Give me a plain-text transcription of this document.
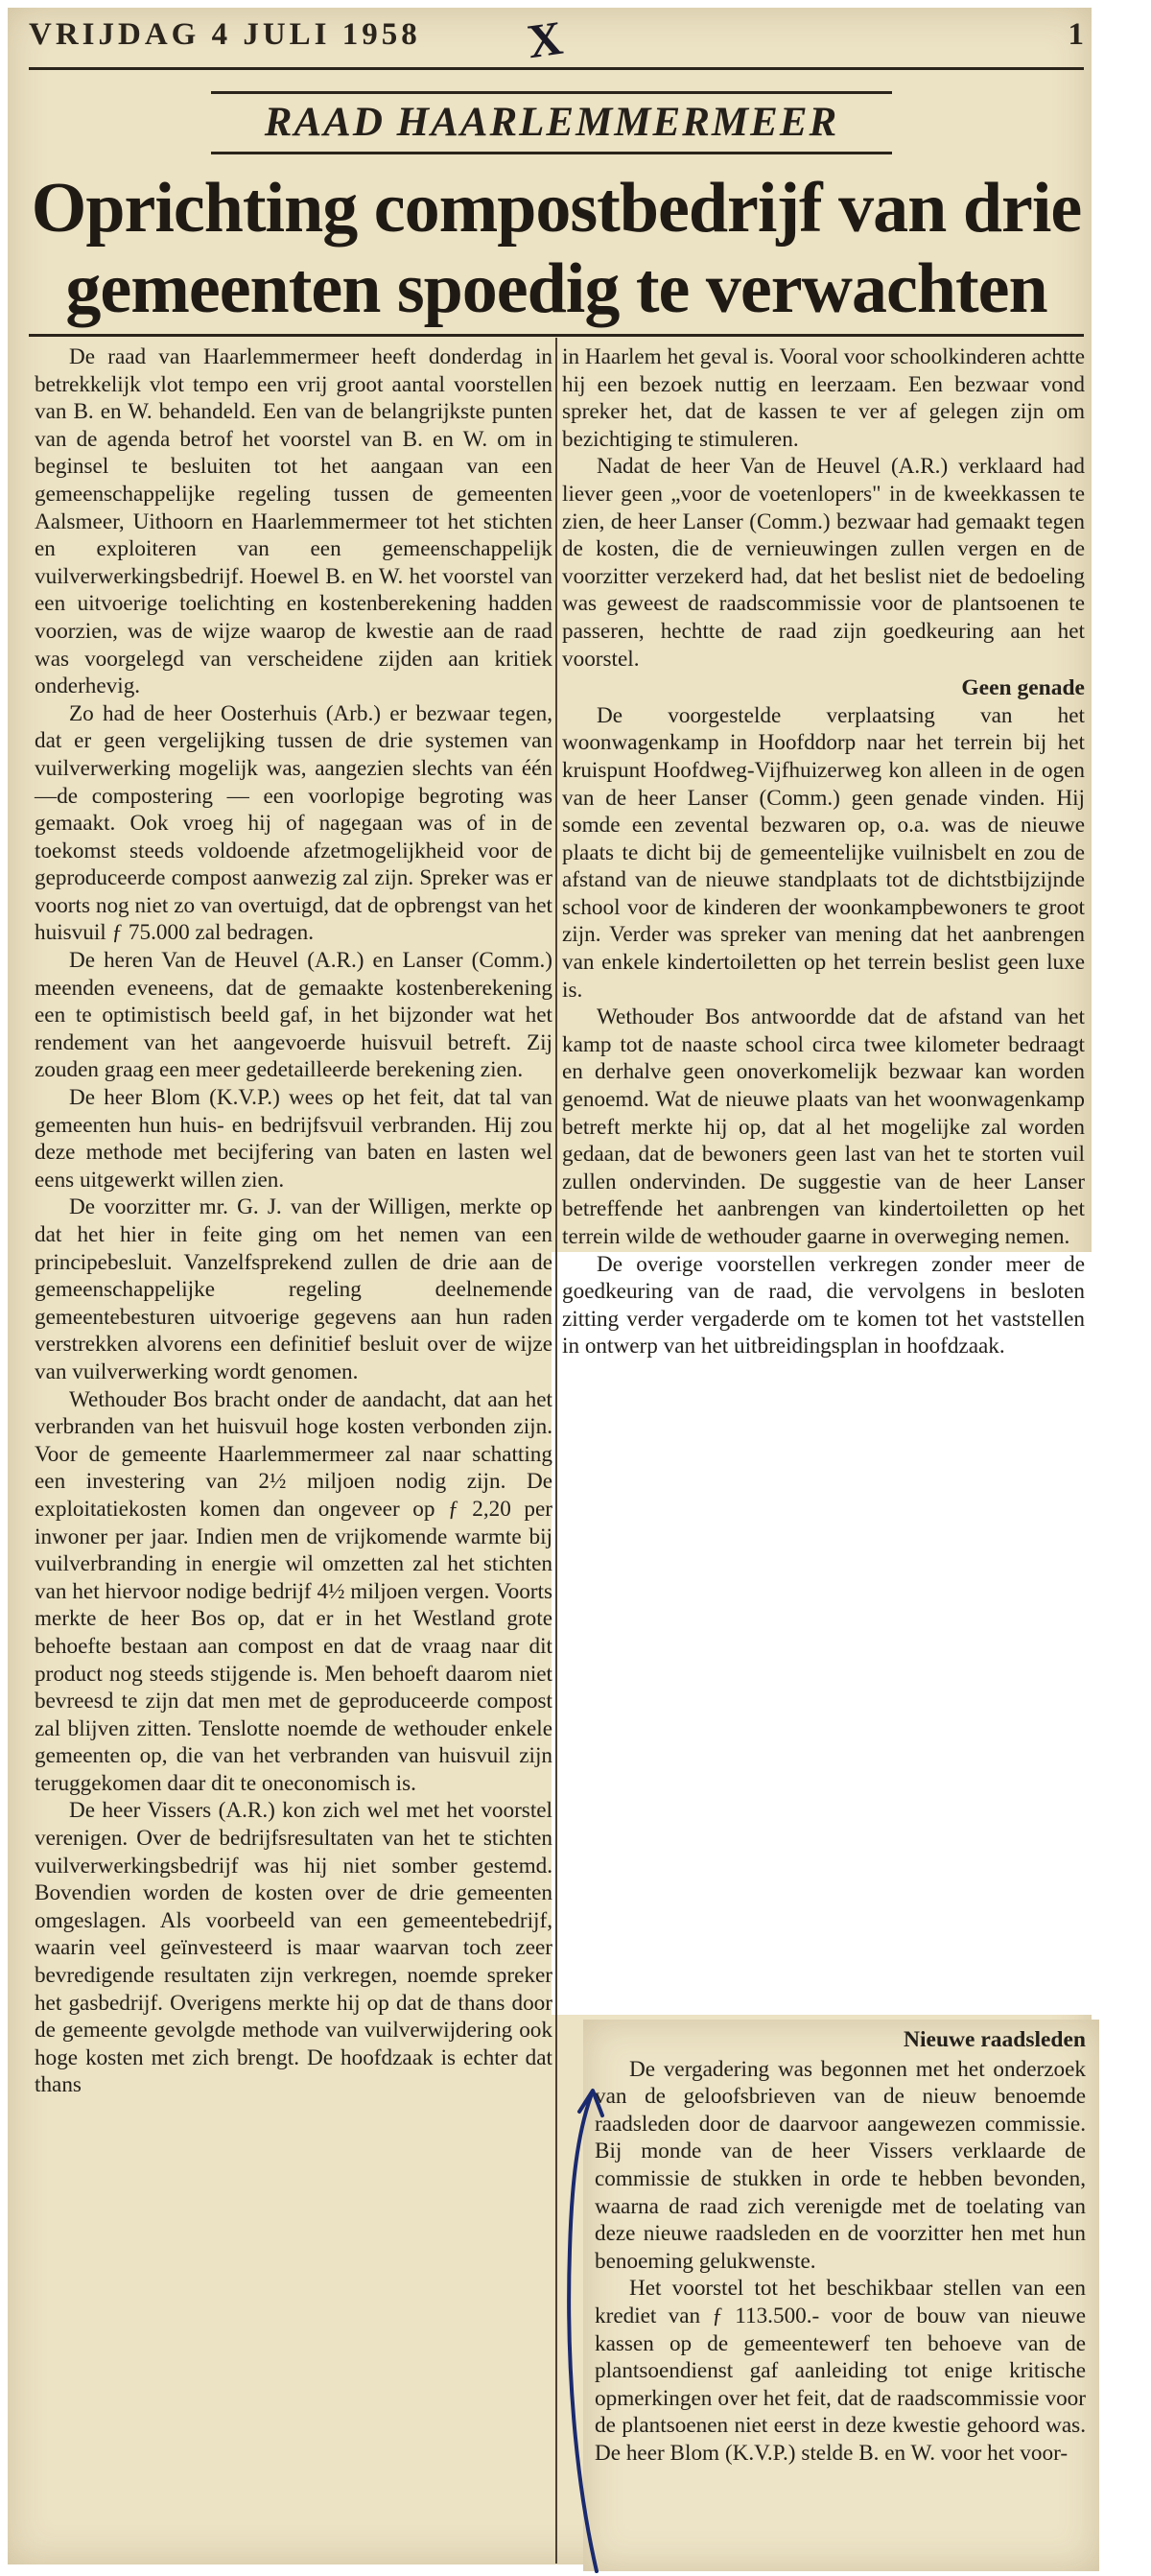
VRIJDAG 4 JULI 1958 X	1
RAAD HAARLEMMERMEER
Oprichting compostbedrijf van drie
gemeenten spoedig te verwachten

De raad van Haarlemmermeer heeft donderdag in betrekkelijk vlot tempo een vrij groot aantal voorstellen van B. en W. behandeld. Een van de belangrijkste punten van de agenda betrof het voorstel van B. en W. om in beginsel te besluiten tot het aangaan van een gemeenschappelijke regeling tussen de gemeenten Aalsmeer, Uithoorn en Haarlemmermeer tot het stichten en exploiteren van een gemeenschappelijk vuilverwerkingsbedrijf. Hoewel B. en W. het voorstel van een uitvoerige toelichting en kostenberekening hadden voorzien, was de wijze waarop de kwestie aan de raad was voorgelegd van verscheidene zijden aan kritiek onderhevig.

Zo had de heer Oosterhuis (Arb.) er bezwaar tegen, dat er geen vergelijking tussen de drie systemen van vuilverwerking mogelijk was, aangezien slechts van één —de compostering — een voorlopige begroting was gemaakt. Ook vroeg hij of nagegaan was of in de toekomst steeds voldoende afzetmogelijkheid voor de geproduceerde compost aanwezig zal zijn. Spreker was er voorts nog niet zo van overtuigd, dat de opbrengst van het huisvuil ƒ 75.000 zal bedragen.

De heren Van de Heuvel (A.R.) en Lanser (Comm.) meenden eveneens, dat de gemaakte kostenberekening een te optimistisch beeld gaf, in het bijzonder wat het rendement van het aangevoerde huisvuil betreft. Zij zouden graag een meer gedetailleerde berekening zien.

De heer Blom (K.V.P.) wees op het feit, dat tal van gemeenten hun huis- en bedrijfsvuil verbranden. Hij zou deze methode met becijfering van baten en lasten wel eens uitgewerkt willen zien.

De voorzitter mr. G. J. van der Willigen, merkte op dat het hier in feite ging om het nemen van een principebesluit. Vanzelfsprekend zullen de drie aan de gemeenschappelijke regeling deelnemende gemeentebesturen uitvoerige gegevens aan hun raden verstrekken alvorens een definitief besluit over de wijze van vuilverwerking wordt genomen.

Wethouder Bos bracht onder de aandacht, dat aan het verbranden van het huisvuil hoge kosten verbonden zijn. Voor de gemeente Haarlemmermeer zal naar schatting een investering van 2½ miljoen nodig zijn. De exploitatiekosten komen dan ongeveer op ƒ 2,20 per inwoner per jaar. Indien men de vrijkomende warmte bij vuilverbranding in energie wil omzetten zal het stichten van het hiervoor nodige bedrijf 4½ miljoen vergen. Voorts merkte de heer Bos op, dat er in het Westland grote behoefte bestaan aan compost en dat de vraag naar dit product nog steeds stijgende is. Men behoeft daarom niet bevreesd te zijn dat men met de geproduceerde compost zal blijven zitten. Tenslotte noemde de wethouder enkele gemeenten op, die van het verbranden van huisvuil zijn teruggekomen daar dit te oneconomisch is.

De heer Vissers (A.R.) kon zich wel met het voorstel verenigen. Over de bedrijfsresultaten van het te stichten vuilverwerkingsbedrijf was hij niet somber gestemd. Bovendien worden de kosten over de drie gemeenten omgeslagen. Als voorbeeld van een gemeentebedrijf, waarin veel geïnvesteerd is maar waarvan toch zeer bevredigende resultaten zijn verkregen, noemde spreker het gasbedrijf. Overigens merkte hij op dat de thans door de gemeente gevolgde methode van vuilverwijdering ook hoge kosten met zich brengt. De hoofdzaak is echter dat thans

in Haarlem het geval is. Vooral voor schoolkinderen achtte hij een bezoek nuttig en leerzaam. Een bezwaar vond spreker het, dat de kassen te ver af gelegen zijn om bezichtiging te stimuleren.

Nadat de heer Van de Heuvel (A.R.) verklaard had liever geen „voor de voetenlopers" in de kweekkassen te zien, de heer Lanser (Comm.) bezwaar had gemaakt tegen de kosten, die de vernieuwingen zullen vergen en de voorzitter verzekerd had, dat het beslist niet de bedoeling was geweest de raadscommissie voor de plantsoenen te passeren, hechtte de raad zijn goedkeuring aan het voorstel.

Geen genade

De voorgestelde verplaatsing van het woonwagenkamp in Hoofddorp naar het terrein bij het kruispunt Hoofdweg-Vijfhuizerweg kon alleen in de ogen van de heer Lanser (Comm.) geen genade vinden. Hij somde een zevental bezwaren op, o.a. was de nieuwe plaats te dicht bij de gemeentelijke vuilnisbelt en zou de afstand van de nieuwe standplaats tot de dichtstbijzijnde school voor de kinderen der woonkampbewoners te groot zijn. Verder was spreker van mening dat het aanbrengen van enkele kindertoiletten op het terrein beslist geen luxe is.

Wethouder Bos antwoordde dat de afstand van het kamp tot de naaste school circa twee kilometer bedraagt en derhalve geen onoverkomelijk bezwaar kan worden genoemd. Wat de nieuwe plaats van het woonwagenkamp betreft merkte hij op, dat al het mogelijke zal worden gedaan, dat de bewoners geen last van het te storten vuil zullen ondervinden. De suggestie van de heer Lanser betreffende het aanbrengen van kindertoiletten op het terrein wilde de wethouder gaarne in overweging nemen.

De overige voorstellen verkregen zonder meer de goedkeuring van de raad, die vervolgens in besloten zitting verder vergaderde om te komen tot het vaststellen in ontwerp van het uitbreidingsplan in hoofdzaak.

Nieuwe raadsleden

De vergadering was begonnen met het onderzoek van de geloofsbrieven van de nieuw benoemde raadsleden door de daarvoor aangewezen commissie. Bij monde van de heer Vissers verklaarde de commissie de stukken in orde te hebben bevonden, waarna de raad zich verenigde met de toelating van deze nieuwe raadsleden en de voorzitter hen met hun benoeming gelukwenste.

Het voorstel tot het beschikbaar stellen van een krediet van ƒ 113.500.- voor de bouw van nieuwe kassen op de gemeentewerf ten behoeve van de plantsoendienst gaf aanleiding tot enige kritische opmerkingen over het feit, dat de raadscommissie voor de plantsoenen niet eerst in deze kwestie gehoord was. De heer Blom (K.V.P.) stelde B. en W. voor het voor-
